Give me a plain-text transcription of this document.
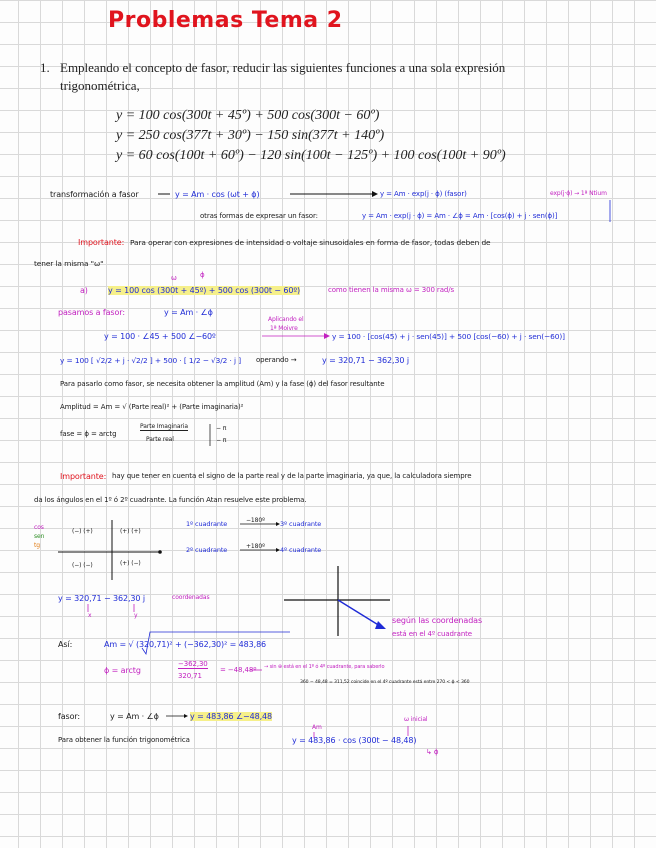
Problemas Tema 2
1. Empleando el concepto de fasor, reducir las siguientes funciones a una sola expresión
trigonométrica,
y = 100 cos(300t + 45º) + 500 cos(300t − 60º)
y = 250 cos(377t + 30º) − 150 sin(377t + 140º)
y = 60 cos(100t + 60º) − 120 sin(100t − 125º) + 100 cos(100t + 90º)
transformación a fasor	y = Am · cos (ωt + ϕ)	y = Am · exp(j · ϕ) (fasor)	exp(j·ϕ) → 1ª Ntium
otras formas de expresar un fasor:	y = Am · exp(j · ϕ) = Am · ∠ϕ = Am · [cos(ϕ) + j · sen(ϕ)]
Importante: Para operar con expresiones de intensidad o voltaje sinusoidales en forma de fasor, todas deben de
tener la misma "ω"
ω	ϕ
a)	y = 100 cos (300t + 45º) + 500 cos (300t − 60º)	como tienen la misma ω = 300 rad/s
pasamos a fasor:	y = Am · ∠ϕ
y = 100 · ∠45 + 500 ∠−60º
Aplicando el
1ª Moivre
y = 100 · [cos(45) + j · sen(45)] + 500 [cos(−60) + j · sen(−60)]
y = 100 [ √2/2 + j · √2/2 ] + 500 · [ 1/2 − √3/2 · j ] operando →	y = 320,71 − 362,30 j
Para pasarlo como fasor, se necesita obtener la amplitud (Am) y la fase (ϕ) del fasor resultante
Amplitud = Am = √ (Parte real)² + (Parte imaginaria)²
fase = ϕ = arctg
Parte Imaginaria
Parte real
− π
− π
Importante: hay que tener en cuenta el signo de la parte real y de la parte imaginaria, ya que, la calculadora siempre
da los ángulos en el 1º ó 2º cuadrante. La función Atan resuelve este problema.
cos
sen
tg
(+) (+)
(−) (+)
(−) (−)	(+) (−)
1º cuadrante	−180º 3º cuadrante
2º cuadrante	+180º 4º cuadrante
y = 320,71 − 362,30 j	coordenadas
x	y
según las coordenadas
está en el 4º cuadrante
Así:	Am = √ (320,71)² + (−362,30)² = 483,86
ϕ = arctg
−362,30
320,71
= −48,48º → sin ⊕ está en el 1º ó 4º cuadrante, para saberlo
360 − 48,48 = 311,52 coincide en el 4º cuadrante está entre 270 < ϕ < 360
fasor:	y = Am · ∠ϕ	y = 483,86 ∠−48,48
Am
ω inicial
Para obtener la función trigonométrica	y = 483,86 · cos (300t − 48,48)
↳ ϕ
